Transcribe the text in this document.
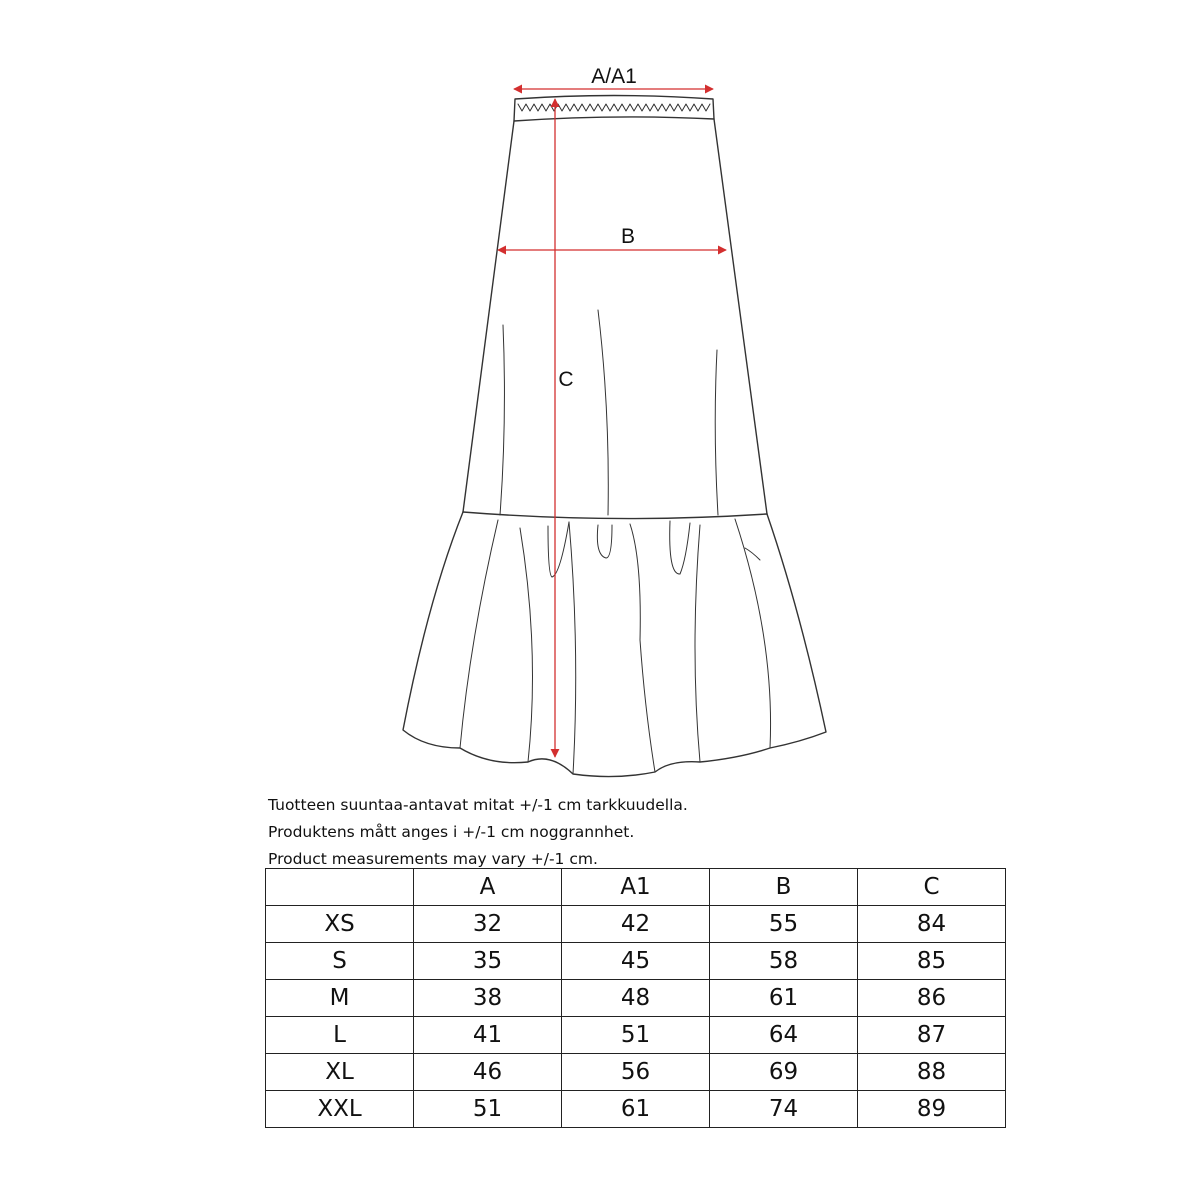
A/A1
B
C
Tuotteen suuntaa-antavat mitat +/-1 cm tarkkuudella.
Produktens mått anges i +/-1 cm noggrannhet.
Product measurements may vary +/-1 cm.
	A	A1	B	C
XS	32	42	55	84
S	35	45	58	85
M	38	48	61	86
L	41	51	64	87
XL	46	56	69	88
XXL	51	61	74	89
